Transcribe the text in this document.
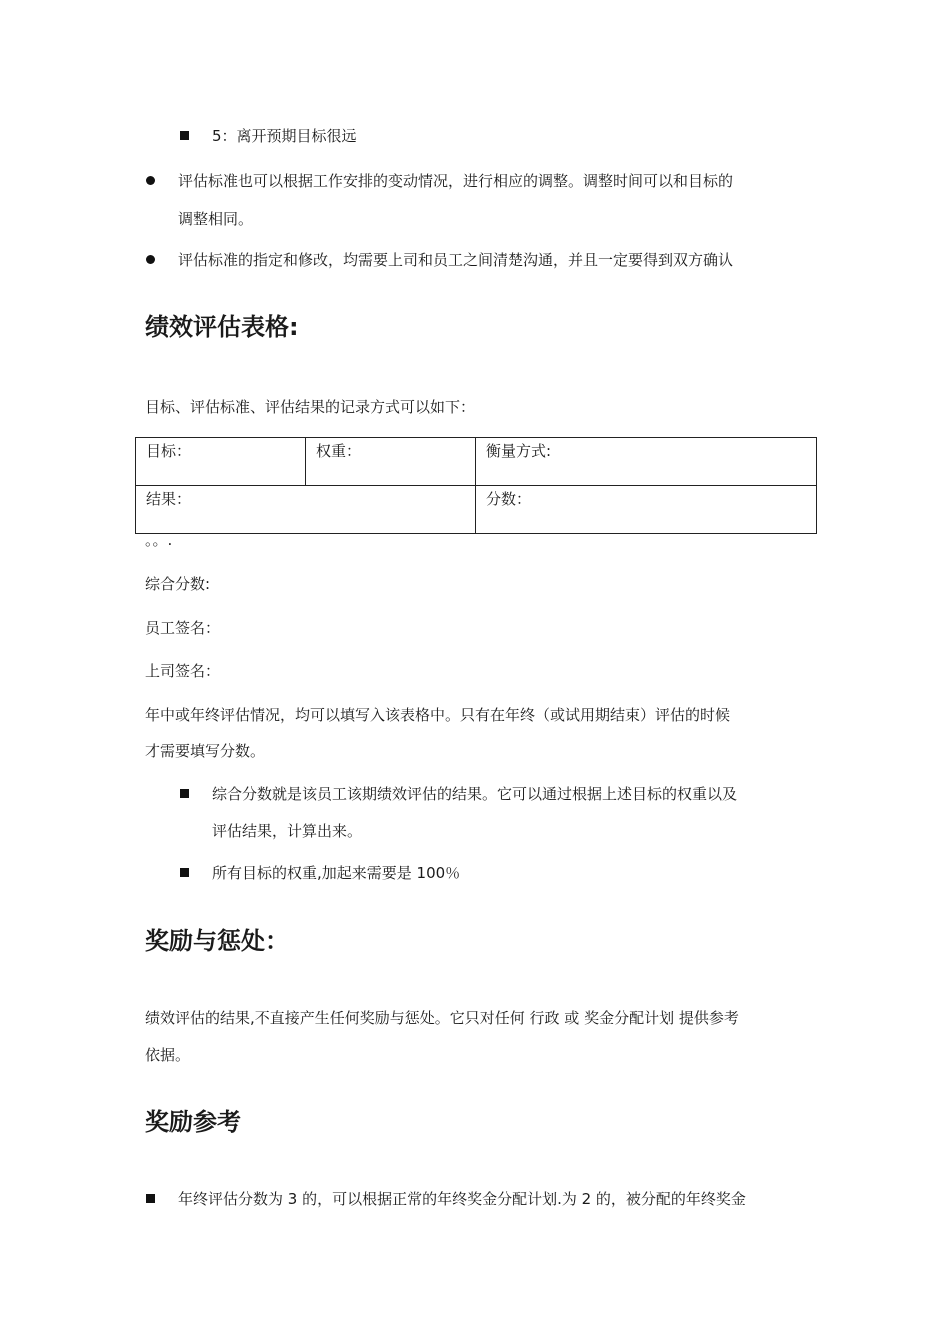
5：离开预期目标很远
评估标准也可以根据工作安排的变动情况，进行相应的调整。调整时间可以和目标的
调整相同。
评估标准的指定和修改，均需要上司和员工之间清楚沟通，并且一定要得到双方确认
绩效评估表格:
目标、评估标准、评估结果的记录方式可以如下：
目标：	权重：	衡量方式:
结果：		分数：
。。.
综合分数:
员工签名：
上司签名：
年中或年终评估情况，均可以填写入该表格中。只有在年终（或试用期结束）评估的时候
才需要填写分数。
综合分数就是该员工该期绩效评估的结果。它可以通过根据上述目标的权重以及
评估结果，计算出来。
所有目标的权重,加起来需要是 100％
奖励与惩处：
绩效评估的结果,不直接产生任何奖励与惩处。它只对任何 行政 或 奖金分配计划 提供参考
依据。
奖励参考
年终评估分数为 3 的，可以根据正常的年终奖金分配计划.为 2 的，被分配的年终奖金
